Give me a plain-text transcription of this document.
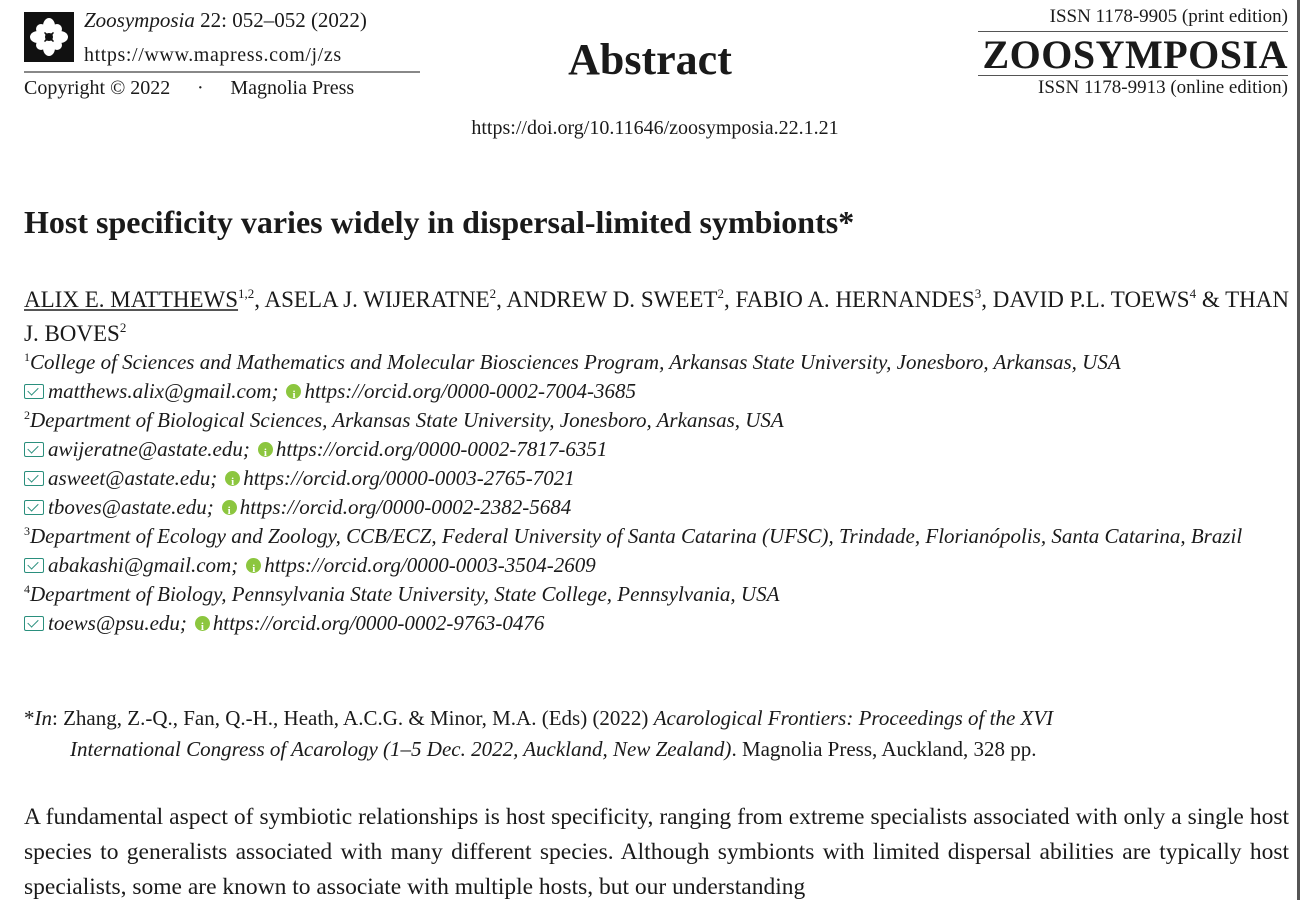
Zoosymposia 22: 052–052 (2022)
https://www.mapress.com/j/zs
Copyright © 2022 · Magnolia Press
Abstract
https://doi.org/10.11646/zoosymposia.22.1.21
ISSN 1178-9905 (print edition)
ZOOSYMPOSIA
ISSN 1178-9913 (online edition)
Host specificity varies widely in dispersal-limited symbionts*
ALIX E. MATTHEWS$^{1,2}$, ASELA J. WIJERATNE$^2$, ANDREW D. SWEET$^2$, FABIO A. HERNANDES$^3$, DAVID P.L. TOEWS$^4$ & THAN J. BOVES$^2$
$^1$College of Sciences and Mathematics and Molecular Biosciences Program, Arkansas State University, Jonesboro, Arkansas, USA
matthews.alix@gmail.com; i https://orcid.org/0000-0002-7004-3685
$^2$Department of Biological Sciences, Arkansas State University, Jonesboro, Arkansas, USA
awijeratne@astate.edu; i https://orcid.org/0000-0002-7817-6351
asweet@astate.edu; i https://orcid.org/0000-0003-2765-7021
tboves@astate.edu; i https://orcid.org/0000-0002-2382-5684
$^3$Department of Ecology and Zoology, CCB/ECZ, Federal University of Santa Catarina (UFSC), Trindade, Florianópolis, Santa Catarina, Brazil
abakashi@gmail.com; i https://orcid.org/0000-0003-3504-2609
$^4$Department of Biology, Pennsylvania State University, State College, Pennsylvania, USA
toews@psu.edu; i https://orcid.org/0000-0002-9763-0476
*In: Zhang, Z.-Q., Fan, Q.-H., Heath, A.C.G. & Minor, M.A. (Eds) (2022) Acarological Frontiers: Proceedings of the XVI
International Congress of Acarology (1–5 Dec. 2022, Auckland, New Zealand). Magnolia Press, Auckland, 328 pp.
A fundamental aspect of symbiotic relationships is host specificity, ranging from extreme specialists associated with only a single host species to generalists associated with many different species. Although symbionts with limited dispersal abilities are typically host specialists, some are known to associate with multiple hosts, but our understanding
